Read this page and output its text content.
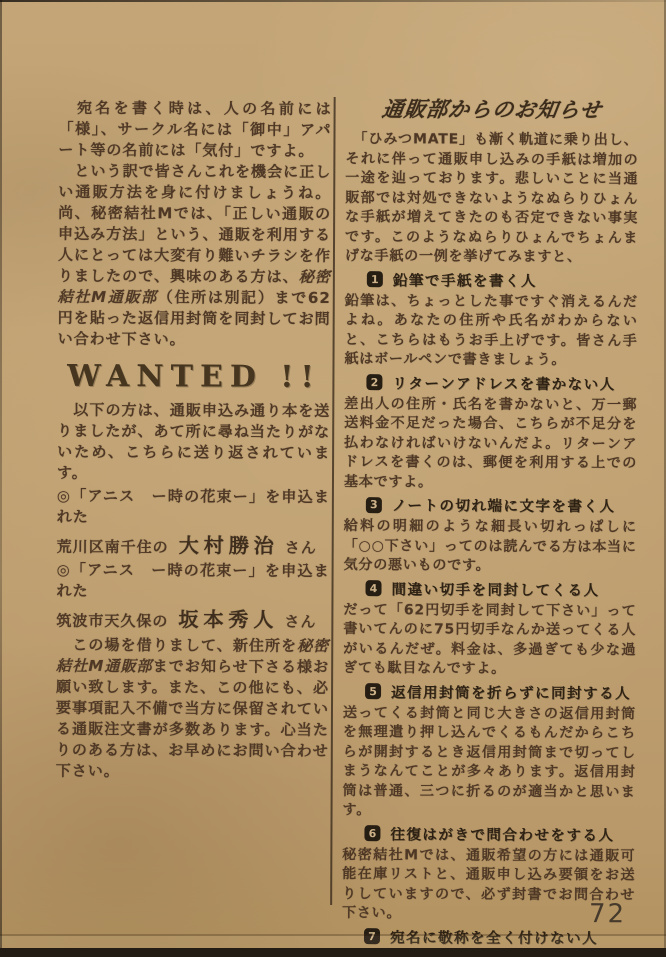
　宛名を書く時は、人の名前には「様」、サークル名には「御中」アパート等の名前には「気付」ですよ。

　という訳で皆さんこれを機会に正しい通販方法を身に付けましょうね。尚、秘密結社Mでは、「正しい通販の申込み方法」という、通販を利用する人にとっては大変有り難いチラシを作りましたので、興味のある方は、秘密結社M通販部（住所は別記）まで62円を貼った返信用封筒を同封してお問い合わせ下さい。

WANTED !!

　以下の方は、通販申込み通り本を送りましたが、あて所に尋ね当たりがないため、こちらに送り返されています。

◎「アニス　ー時の花束ー」を申込まれた
荒川区南千住の 大村勝治 さん
◎「アニス　ー時の花束ー」を申込まれた
筑波市天久保の 坂本秀人 さん

　この場を借りまして、新住所を秘密結社M通販部までお知らせ下さる様お願い致します。また、この他にも、必要事項記入不備で当方に保留されている通販注文書が多数あります。心当たりのある方は、お早めにお問い合わせ下さい。

通販部からのお知らせ

　「ひみつMATE」も漸く軌道に乗り出し、それに伴って通販申し込みの手紙は増加の一途を辿っております。悲しいことに当通販部では対処できないようなぬらりひょんな手紙が増えてきたのも否定できない事実です。このようなぬらりひょんでちょんまげな手紙の一例を挙げてみますと、

1 鉛筆で手紙を書く人

鉛筆は、ちょっとした事ですぐ消えるんだよね。あなたの住所や氏名がわからないと、こちらはもうお手上げです。皆さん手紙はボールペンで書きましょう。

2 リターンアドレスを書かない人

差出人の住所・氏名を書かないと、万一郵送料金不足だった場合、こちらが不足分を払わなければいけないんだよ。リターンアドレスを書くのは、郵便を利用する上での基本ですよ。

3 ノートの切れ端に文字を書く人

給料の明細のような細長い切れっぱしに「○○下さい」ってのは読んでる方は本当に気分の悪いものです。

4 間違い切手を同封してくる人

だって「62円切手を同封して下さい」って書いてんのに75円切手なんか送ってくる人がいるんだぜ。料金は、多過ぎても少な過ぎても駄目なんですよ。

5 返信用封筒を折らずに同封する人

送ってくる封筒と同じ大きさの返信用封筒を無理遣り押し込んでくるもんだからこちらが開封するとき返信用封筒まで切ってしまうなんてことが多々あります。返信用封筒は普通、三つに折るのが適当かと思います。

6 往復はがきで問合わせをする人

秘密結社Mでは、通販希望の方には通販可能在庫リストと、通販申し込み要領をお送りしていますので、必ず封書でお問合わせ下さい。

7 宛名に敬称を全く付けない人
72
